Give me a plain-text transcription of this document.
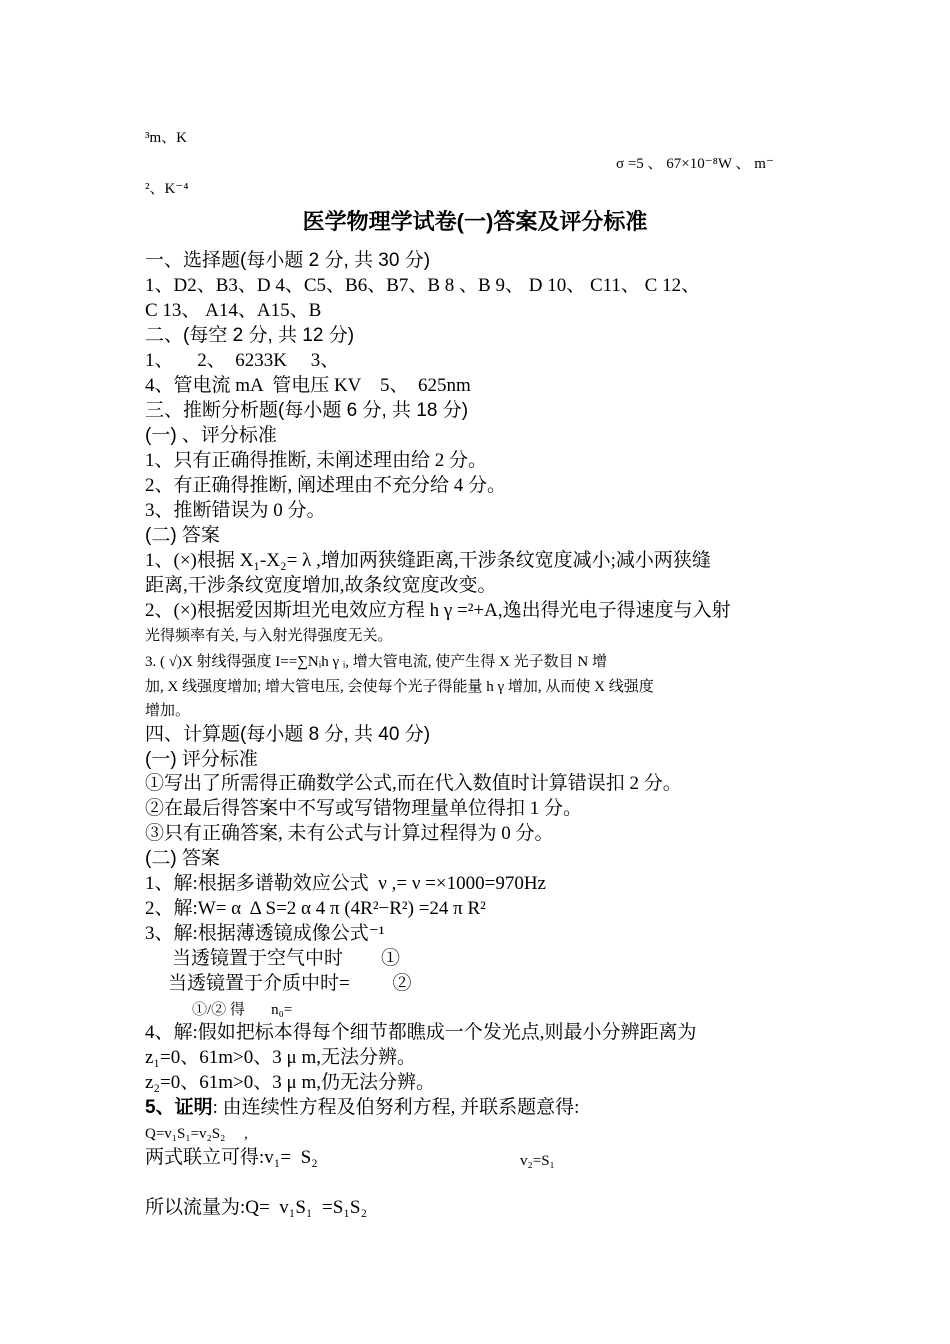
³m、K
σ =5 、 67×10⁻⁸W 、 m⁻
²、K⁻⁴
医学物理学试卷(一)答案及评分标准
一、选择题(每小题 2 分, 共 30 分)
1、D2、B3、D 4、C5、B6、B7、B 8 、B 9、 D 10、 C11、 C 12、
C 13、 A14、A15、B
二、(每空 2 分, 共 12 分)
1、     2、  6233K     3、
4、管电流 mA  管电压 KV    5、  625nm
三、推断分析题(每小题 6 分, 共 18 分)
(一) 、评分标准
1、只有正确得推断, 未阐述理由给 2 分。
2、有正确得推断, 阐述理由不充分给 4 分。
3、推断错误为 0 分。
(二) 答案
1、(×)根据 X₁-X₂= λ ,增加两狭缝距离,干涉条纹宽度减小;减小两狭缝
距离,干涉条纹宽度增加,故条纹宽度改变。
2、(×)根据爱因斯坦光电效应方程 h γ =²+A,逸出得光电子得速度与入射
光得频率有关, 与入射光得强度无关。
3. ( √)X 射线得强度 I==∑Nᵢh γ ᵢ, 增大管电流, 使产生得 X 光子数目 N 增
加, X 线强度增加; 增大管电压, 会使每个光子得能量 h γ 增加, 从而使 X 线强度
增加。
四、计算题(每小题 8 分, 共 40 分)
(一) 评分标准
①写出了所需得正确数学公式,而在代入数值时计算错误扣 2 分。
②在最后得答案中不写或写错物理量单位得扣 1 分。
③只有正确答案, 未有公式与计算过程得为 0 分。
(二) 答案
1、解:根据多谱勒效应公式  ν ,= ν =×1000=970Hz
2、解:W= α  Δ S=2 α 4 π (4R²−R²) =24 π R²
3、解:根据薄透镜成像公式⁻¹
当透镜置于空气中时        ①
当透镜置于介质中时=         ②
①/② 得       n₀=
4、解:假如把标本得每个细节都瞧成一个发光点,则最小分辨距离为
z₁=0、61m>0、3 μ m,无法分辨。
z₂=0、61m>0、3 μ m,仍无法分辨。
5、证明: 由连续性方程及伯努利方程, 并联系题意得:
Q=v₁S₁=v₂S₂     ,
两式联立可得:v₁=  S₂	v₂=S₁
所以流量为:Q=  v₁S₁  =S₁S₂
